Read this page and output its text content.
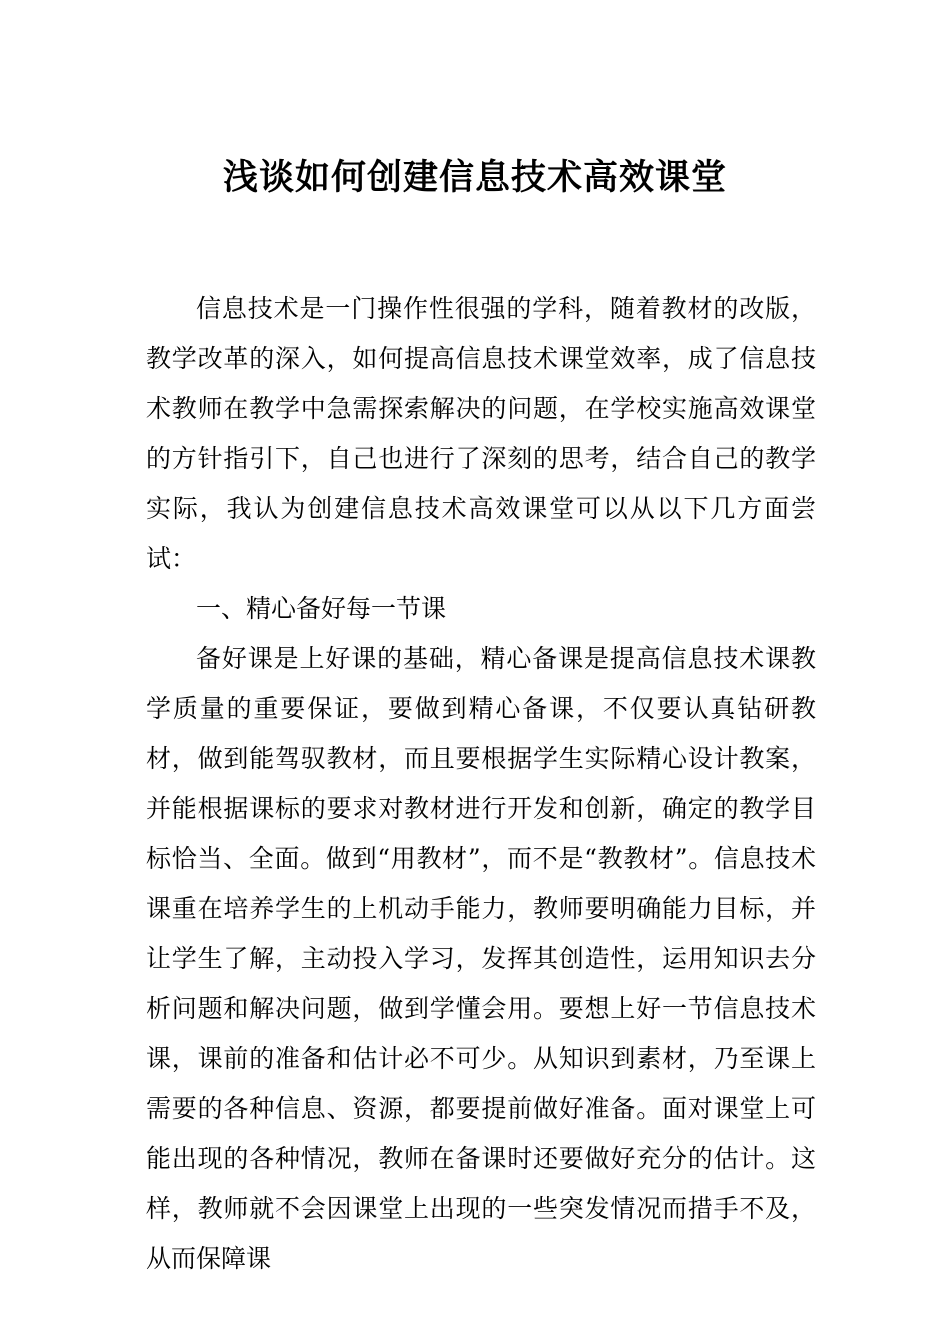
浅谈如何创建信息技术高效课堂

信息技术是一门操作性很强的学科，随着教材的改版，教学改革的深入，如何提高信息技术课堂效率，成了信息技术教师在教学中急需探索解决的问题，在学校实施高效课堂的方针指引下，自己也进行了深刻的思考，结合自己的教学实际，我认为创建信息技术高效课堂可以从以下几方面尝试：

一、精心备好每一节课

备好课是上好课的基础，精心备课是提高信息技术课教学质量的重要保证，要做到精心备课，不仅要认真钻研教材，做到能驾驭教材，而且要根据学生实际精心设计教案，并能根据课标的要求对教材进行开发和创新，确定的教学目标恰当、全面。做到“用教材”，而不是“教教材”。信息技术课重在培养学生的上机动手能力，教师要明确能力目标，并让学生了解，主动投入学习，发挥其创造性，运用知识去分析问题和解决问题，做到学懂会用。要想上好一节信息技术课，课前的准备和估计必不可少。从知识到素材，乃至课上需要的各种信息、资源，都要提前做好准备。面对课堂上可能出现的各种情况，教师在备课时还要做好充分的估计。这样，教师就不会因课堂上出现的一些突发情况而措手不及，从而保障课
